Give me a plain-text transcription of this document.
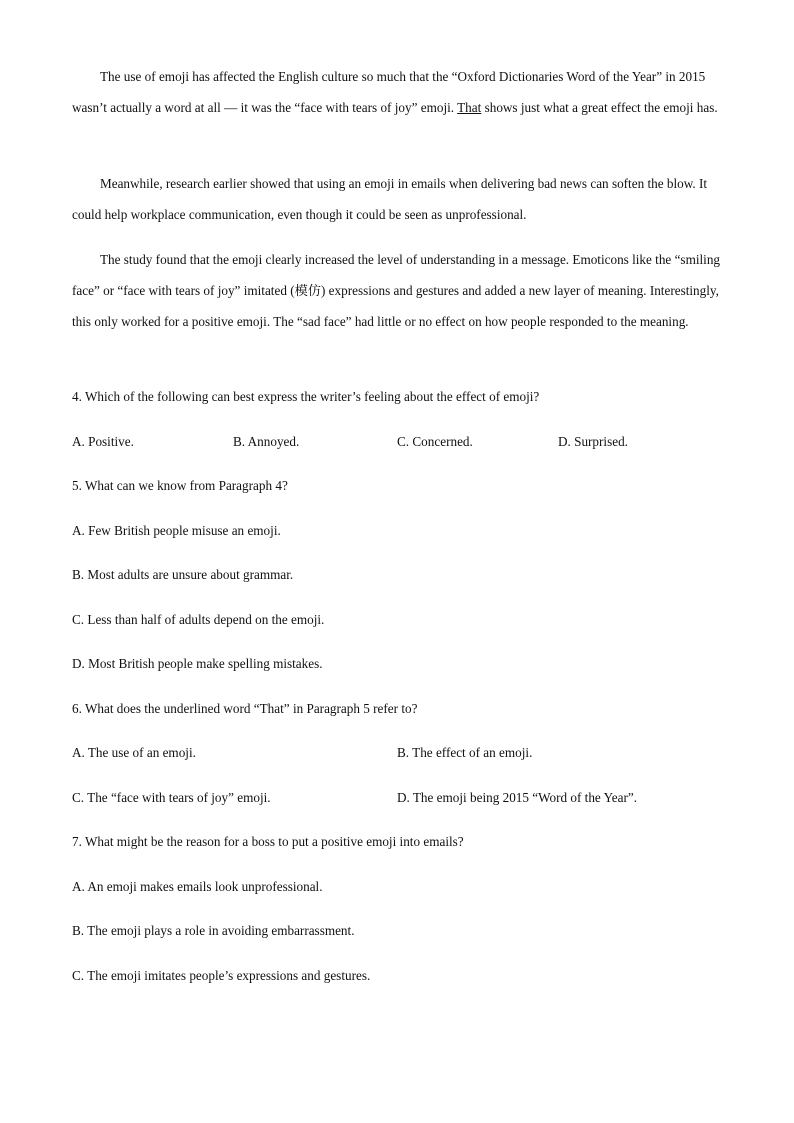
The use of emoji has affected the English culture so much that the “Oxford Dictionaries Word of the Year” in 2015 wasn’t actually a word at all — it was the “face with tears of joy” emoji. That shows just what a great effect the emoji has.

Meanwhile, research earlier showed that using an emoji in emails when delivering bad news can soften the blow. It could help workplace communication, even though it could be seen as unprofessional.

The study found that the emoji clearly increased the level of understanding in a message. Emoticons like the “smiling face” or “face with tears of joy” imitated (模仿) expressions and gestures and added a new layer of meaning. Interestingly, this only worked for a positive emoji. The “sad face” had little or no effect on how people responded to the meaning.

4. Which of the following can best express the writer’s feeling about the effect of emoji?
A. Positive.	B. Annoyed.	C. Concerned.	D. Surprised.
5. What can we know from Paragraph 4?
A. Few British people misuse an emoji.
B. Most adults are unsure about grammar.
C. Less than half of adults depend on the emoji.
D. Most British people make spelling mistakes.
6. What does the underlined word “That” in Paragraph 5 refer to?
A. The use of an emoji.	B. The effect of an emoji.
C. The “face with tears of joy” emoji.	D. The emoji being 2015 “Word of the Year”.
7. What might be the reason for a boss to put a positive emoji into emails?
A. An emoji makes emails look unprofessional.
B. The emoji plays a role in avoiding embarrassment.
C. The emoji imitates people’s expressions and gestures.
